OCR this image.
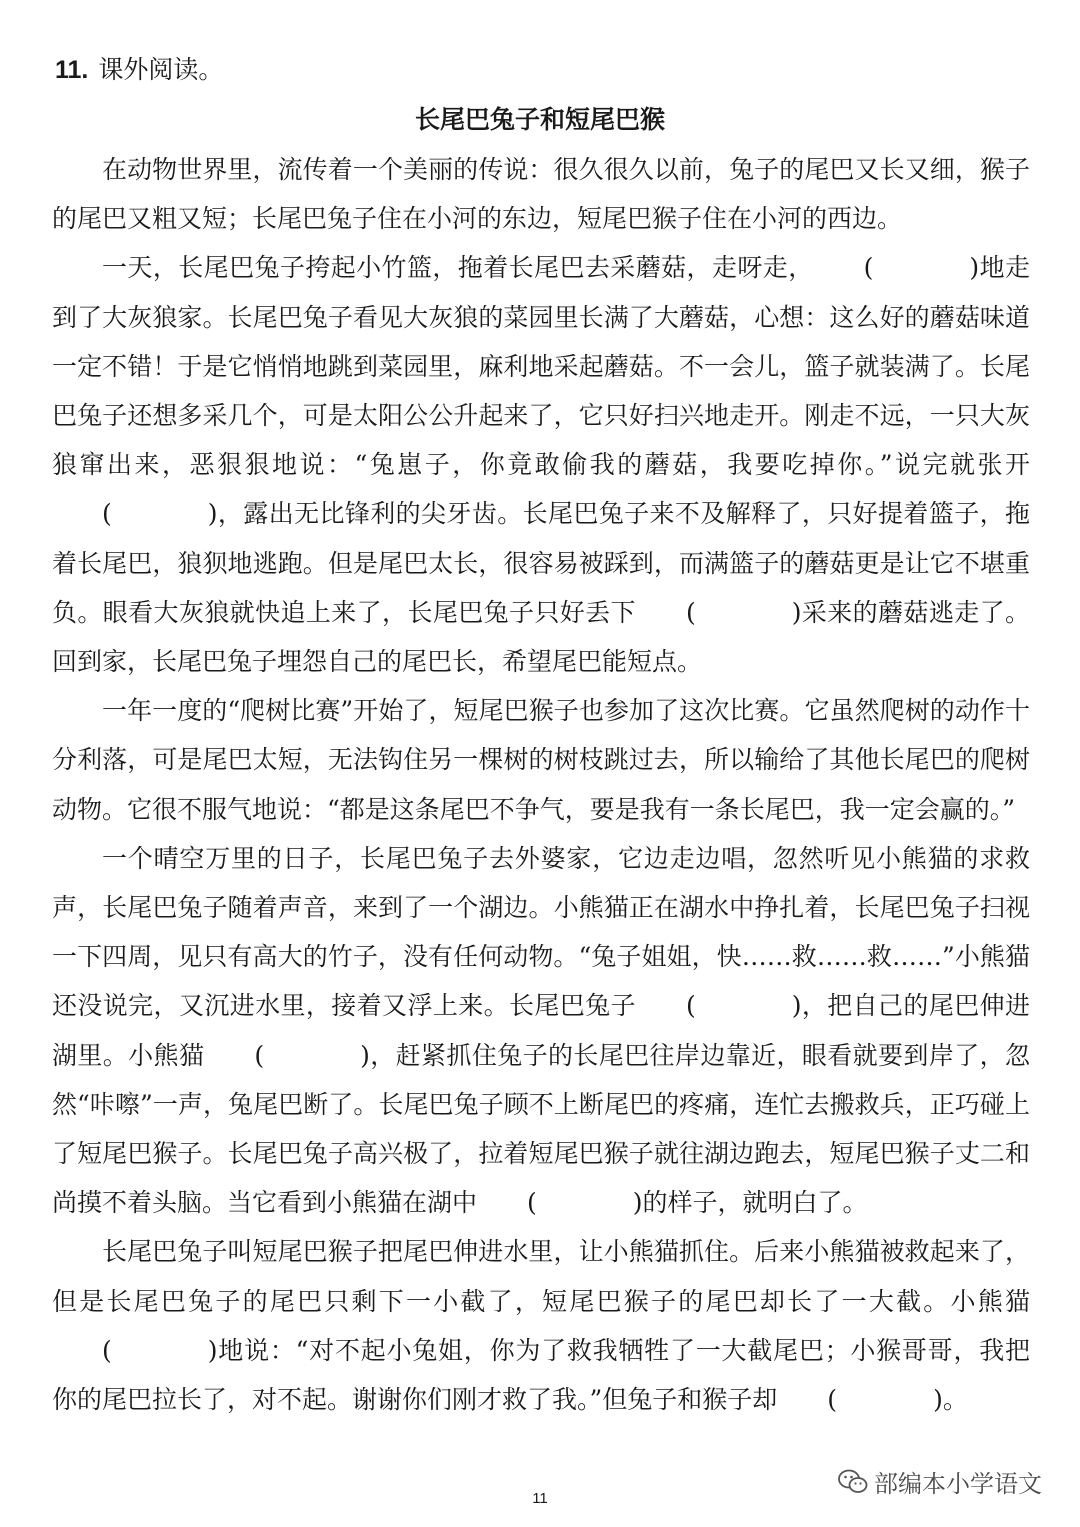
11. 课外阅读。
长尾巴兔子和短尾巴猴

在动物世界里，流传着一个美丽的传说：很久很久以前，兔子的尾巴又长又细，猴子的尾巴又粗又短；长尾巴兔子住在小河的东边，短尾巴猴子住在小河的西边。

一天，长尾巴兔子挎起小竹篮，拖着长尾巴去采蘑菇，走呀走， (	)地走到了大灰狼家。长尾巴兔子看见大灰狼的菜园里长满了大蘑菇，心想：这么好的蘑菇味道一定不错！于是它悄悄地跳到菜园里，麻利地采起蘑菇。不一会儿，篮子就装满了。长尾巴兔子还想多采几个，可是太阳公公升起来了，它只好扫兴地走开。刚走不远，一只大灰狼窜出来，恶狠狠地说：“兔崽子，你竟敢偷我的蘑菇，我要吃掉你。”说完就张开(	)，露出无比锋利的尖牙齿。长尾巴兔子来不及解释了，只好提着篮子，拖着长尾巴，狼狈地逃跑。但是尾巴太长，很容易被踩到，而满篮子的蘑菇更是让它不堪重负。眼看大灰狼就快追上来了，长尾巴兔子只好丢下 (	)采来的蘑菇逃走了。回到家，长尾巴兔子埋怨自己的尾巴长，希望尾巴能短点。

一年一度的“爬树比赛”开始了，短尾巴猴子也参加了这次比赛。它虽然爬树的动作十分利落，可是尾巴太短，无法钩住另一棵树的树枝跳过去，所以输给了其他长尾巴的爬树动物。它很不服气地说：“都是这条尾巴不争气，要是我有一条长尾巴，我一定会赢的。”

一个晴空万里的日子，长尾巴兔子去外婆家，它边走边唱，忽然听见小熊猫的求救声，长尾巴兔子随着声音，来到了一个湖边。小熊猫正在湖水中挣扎着，长尾巴兔子扫视一下四周，见只有高大的竹子，没有任何动物。“兔子姐姐，快……救……救……”小熊猫还没说完，又沉进水里，接着又浮上来。长尾巴兔子 (	)，把自己的尾巴伸进湖里。小熊猫 (	)，赶紧抓住兔子的长尾巴往岸边靠近，眼看就要到岸了，忽然“咔嚓”一声，兔尾巴断了。长尾巴兔子顾不上断尾巴的疼痛，连忙去搬救兵，正巧碰上了短尾巴猴子。长尾巴兔子高兴极了，拉着短尾巴猴子就往湖边跑去，短尾巴猴子丈二和尚摸不着头脑。当它看到小熊猫在湖中 (	)的样子，就明白了。

长尾巴兔子叫短尾巴猴子把尾巴伸进水里，让小熊猫抓住。后来小熊猫被救起来了，但是长尾巴兔子的尾巴只剩下一小截了，短尾巴猴子的尾巴却长了一大截。小熊猫(	)地说：“对不起小兔姐，你为了救我牺牲了一大截尾巴；小猴哥哥，我把你的尾巴拉长了，对不起。谢谢你们刚才救了我。”但兔子和猴子却 (	)。

11
部编本小学语文
